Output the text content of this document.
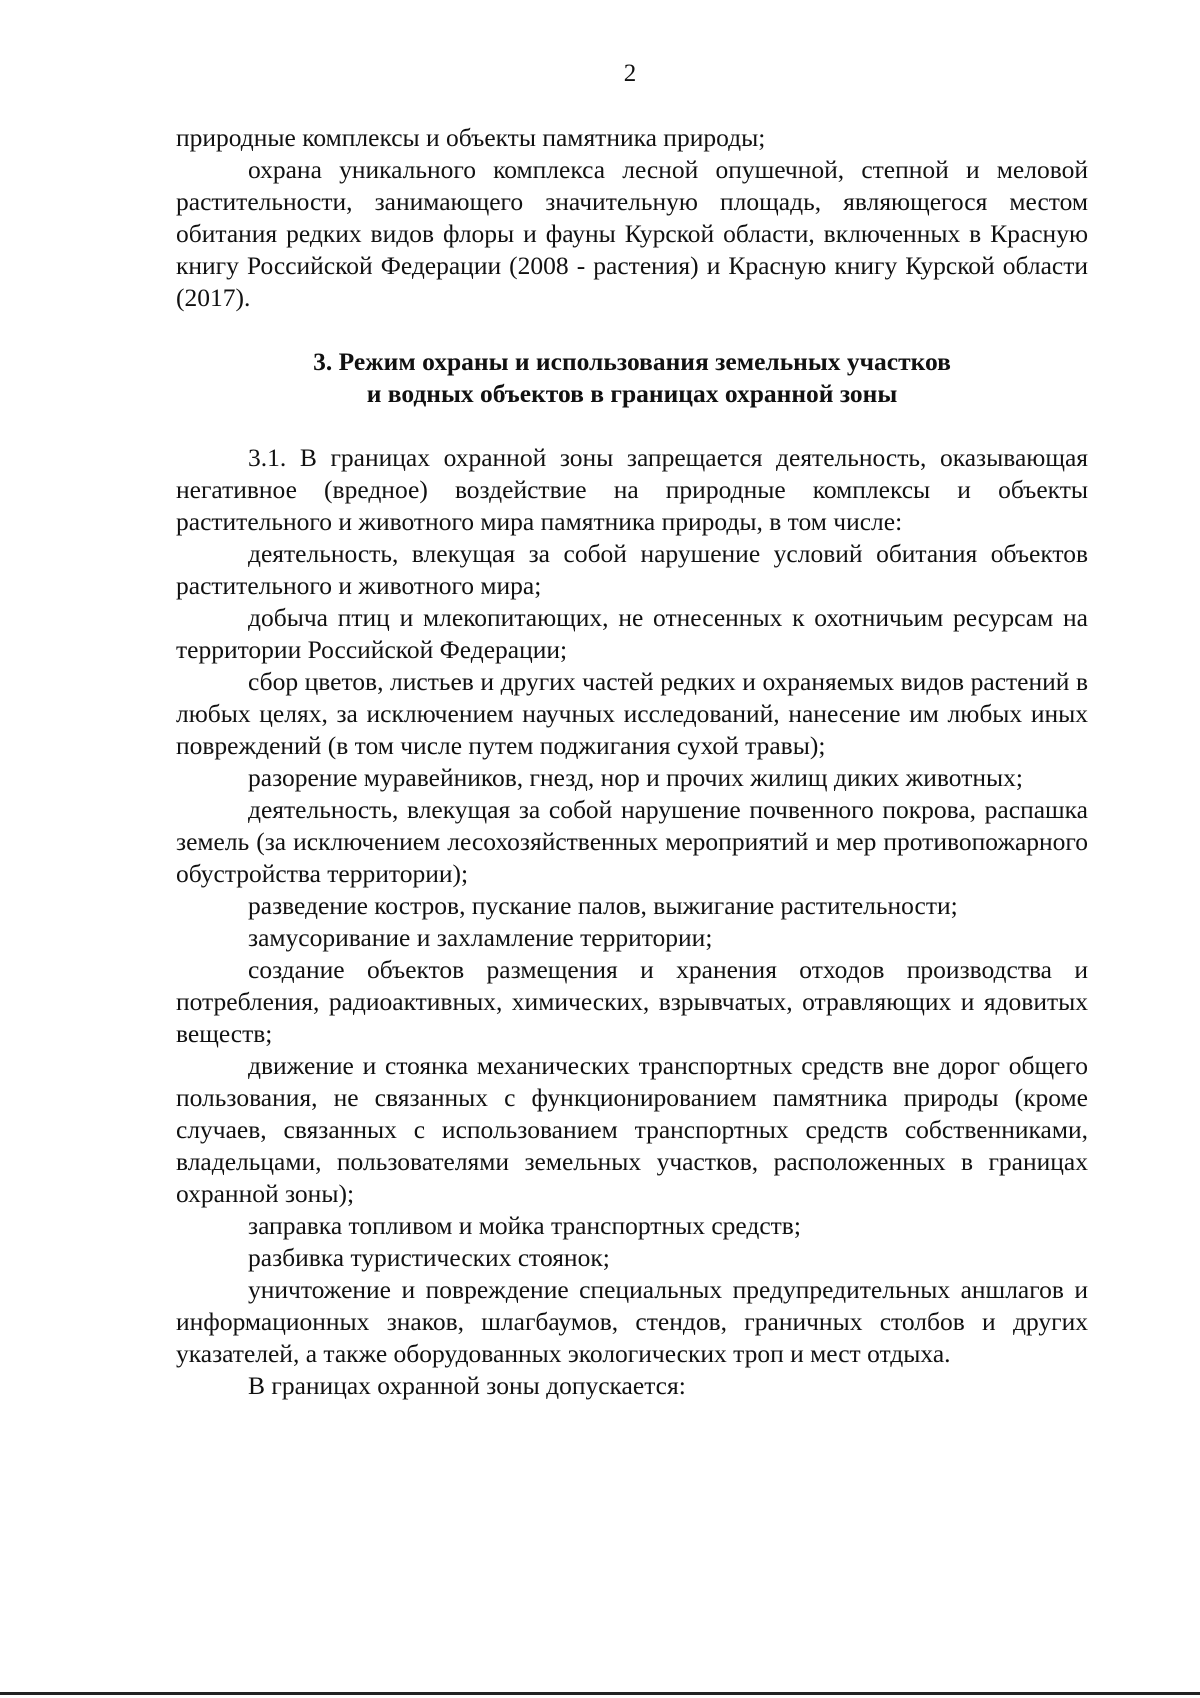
2

природные комплексы и объекты памятника природы;

охрана уникального комплекса лесной опушечной, степной и меловой растительности, занимающего значительную площадь, являющегося местом обитания редких видов флоры и фауны Курской области, включенных в Красную книгу Российской Федерации (2008 - растения) и Красную книгу Курской области (2017).

3. Режим охраны и использования земельных участков
и водных объектов в границах охранной зоны

3.1. В границах охранной зоны запрещается деятельность, оказывающая негативное (вредное) воздействие на природные комплексы и объекты растительного и животного мира памятника природы, в том числе:

деятельность, влекущая за собой нарушение условий обитания объектов растительного и животного мира;

добыча птиц и млекопитающих, не отнесенных к охотничьим ресурсам на территории Российской Федерации;

сбор цветов, листьев и других частей редких и охраняемых видов растений в любых целях, за исключением научных исследований, нанесение им любых иных повреждений (в том числе путем поджигания сухой травы);

разорение муравейников, гнезд, нор и прочих жилищ диких животных;

деятельность, влекущая за собой нарушение почвенного покрова, распашка земель (за исключением лесохозяйственных мероприятий и мер противопожарного обустройства территории);

разведение костров, пускание палов, выжигание растительности;

замусоривание и захламление территории;

создание объектов размещения и хранения отходов производства и потребления, радиоактивных, химических, взрывчатых, отравляющих и ядовитых веществ;

движение и стоянка механических транспортных средств вне дорог общего пользования, не связанных с функционированием памятника природы (кроме случаев, связанных с использованием транспортных средств собственниками, владельцами, пользователями земельных участков, расположенных в границах охранной зоны);

заправка топливом и мойка транспортных средств;

разбивка туристических стоянок;

уничтожение и повреждение специальных предупредительных аншлагов и информационных знаков, шлагбаумов, стендов, граничных столбов и других указателей, а также оборудованных экологических троп и мест отдыха.

В границах охранной зоны допускается:
